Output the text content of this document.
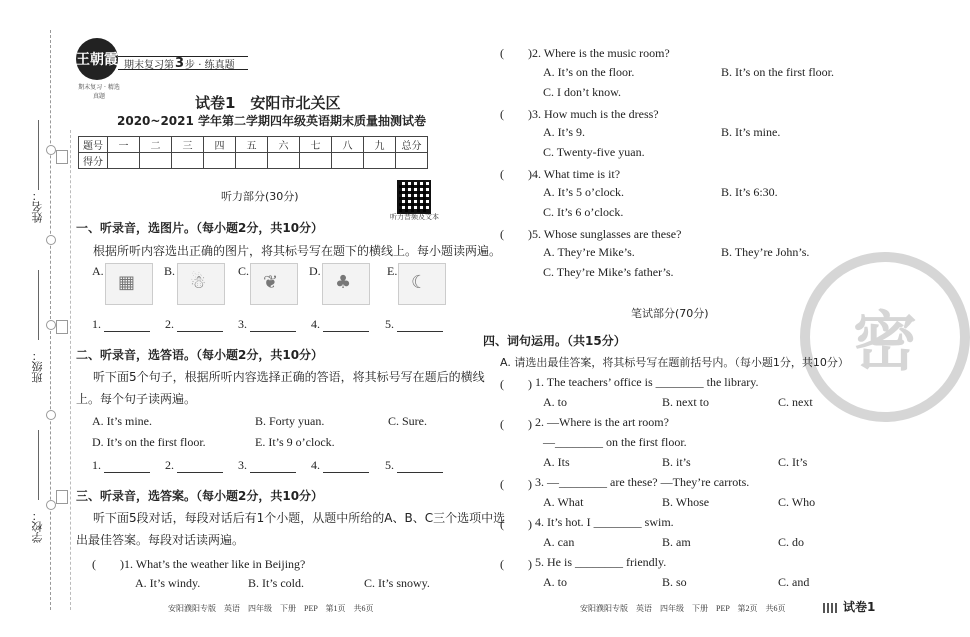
姓名：
班级：
学校：
王朝霞
期末复习 · 精选真题
期末复习第 3 步 · 练真题
试卷1　安阳市北关区
2020~2021 学年第二学期四年级英语期末质量抽测试卷
题号	一	二	三	四	五	六	七	八	九	总分
得分										
听力部分(30分)
听力音频及文本
一、听录音，选图片。（每小题2分，共10分）
根据所听内容选出正确的图片，将其标号写在题下的横线上。每小题读两遍。
A.
▦
B.
☃
C.
❦
D.
♣
E.
☾
1.	2.	3.	4.	5.
二、听录音，选答语。（每小题2分，共10分）
听下面5个句子，根据所听内容选择正确的答语，将其标号写在题后的横线
上。每个句子读两遍。
A. It’s mine.	B. Forty yuan.	C. Sure.
D. It’s on the first floor.	E. It’s 9 o’clock.
1.	2.	3.	4.	5.
三、听录音，选答案。（每小题2分，共10分）
听下面5段对话，每段对话后有1个小题，从题中所给的A、B、C三个选项中选
出最佳答案。每段对话读两遍。
(　　)1. What’s the weather like in Beijing?
A. It’s windy.	B. It’s cold.	C. It’s snowy.
安阳濮阳专版　英语　四年级　下册　PEP　第1页　共6页
密
(　　)2. Where is the music room?
A. It’s on the floor.	B. It’s on the first floor.
C. I don’t know.
(　　)3. How much is the dress?
A. It’s 9.	B. It’s mine.
C. Twenty-five yuan.
(　　)4. What time is it?
A. It’s 5 o’clock.	B. It’s 6:30.
C. It’s 6 o’clock.
(　　)5. Whose sunglasses are these?
A. They’re Mike’s.	B. They’re John’s.
C. They’re Mike’s father’s.
笔试部分(70分)
四、词句运用。（共15分）
A. 请选出最佳答案，将其标号写在题前括号内。（每小题1分，共10分）
(　　) 1. The teachers’ office is ________ the library.
A. to	B. next to	C. next
(　　) 2. —Where is the art room?
—________ on the first floor.
A. Its	B. it’s	C. It’s
(　　) 3. —________ are these? —They’re carrots.
A. What	B. Whose	C. Who
(　　) 4. It’s hot. I ________ swim.
A. can	B. am	C. do
(　　) 5. He is ________ friendly.
A. to	B. so	C. and
安阳濮阳专版　英语　四年级　下册　PEP　第2页　共6页	试卷1
